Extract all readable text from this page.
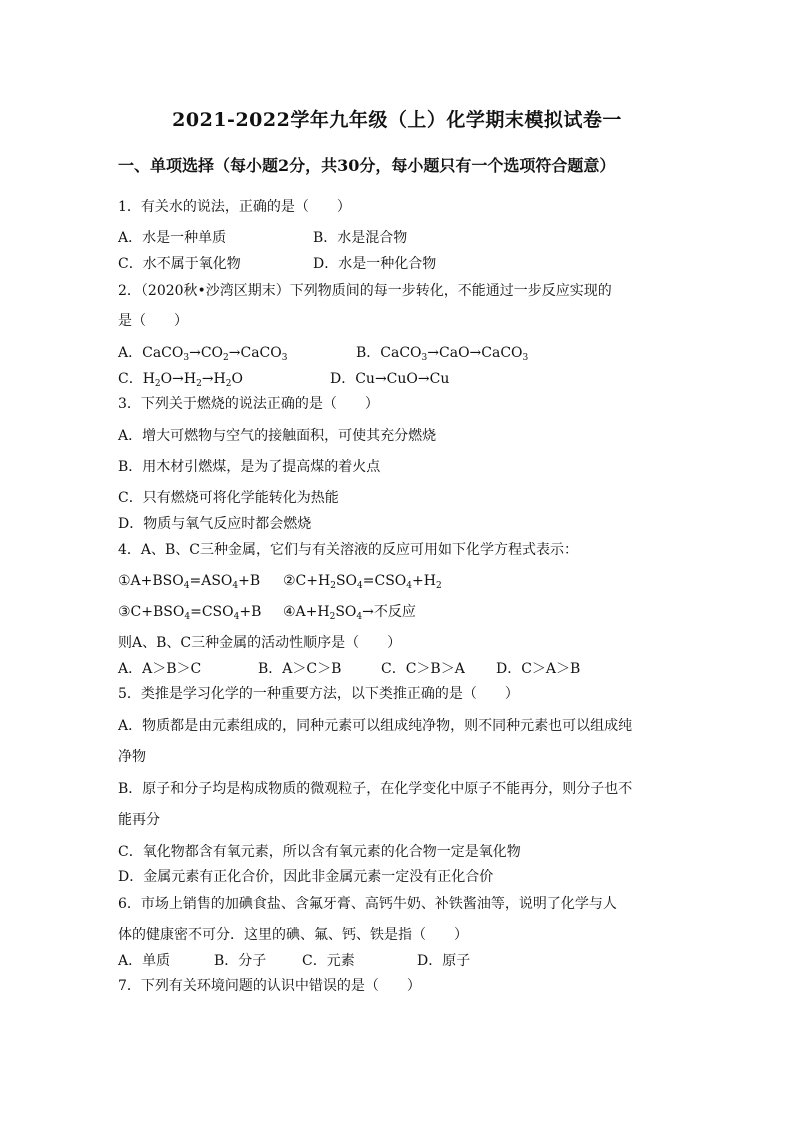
2021-2022学年九年级（上）化学期末模拟试卷一
一、单项选择（每小题2分，共30分，每小题只有一个选项符合题意）
1．有关水的说法，正确的是（　　）
A．水是一种单质	B．水是混合物
C．水不属于氧化物	D．水是一种化合物
2．（2020秋•沙湾区期末）下列物质间的每一步转化，不能通过一步反应实现的
是（　　）
A．$CaCO_3\to CO_2\to CaCO_3$	B．CaCO$_3$→CaO→CaCO$_3$
C．$H_2O\to H_2\to H_2O$	D．Cu→CuO→Cu
3．下列关于燃烧的说法正确的是（　　）
A．增大可燃物与空气的接触面积，可使其充分燃烧
B．用木材引燃煤，是为了提高煤的着火点
C．只有燃烧可将化学能转化为热能
D．物质与氧气反应时都会燃烧
4．A、B、C三种金属，它们与有关溶液的反应可用如下化学方程式表示：
$①A+BSO_4=ASO_4+B$ $②C+H_2SO_4=CSO_4+H_2$
$③C+BSO_4=CSO_4+B$ $④A+H_2SO_4\to$不反应
则A、B、C三种金属的活动性顺序是（　　）
A．A＞B＞C	B．A＞C＞B	C．C＞B＞A D．C＞A＞B
5．类推是学习化学的一种重要方法，以下类推正确的是（　　）
A．物质都是由元素组成的，同种元素可以组成纯净物，则不同种元素也可以组成纯
净物
B．原子和分子均是构成物质的微观粒子，在化学变化中原子不能再分，则分子也不
能再分
C．氧化物都含有氧元素，所以含有氧元素的化合物一定是氧化物
D．金属元素有正化合价，因此非金属元素一定没有正化合价
6．市场上销售的加碘食盐、含氟牙膏、高钙牛奶、补铁酱油等，说明了化学与人
体的健康密不可分．这里的碘、氟、钙、铁是指（　　）
A．单质	B．分子	C．元素	D．原子
7．下列有关环境问题的认识中错误的是（　　）
